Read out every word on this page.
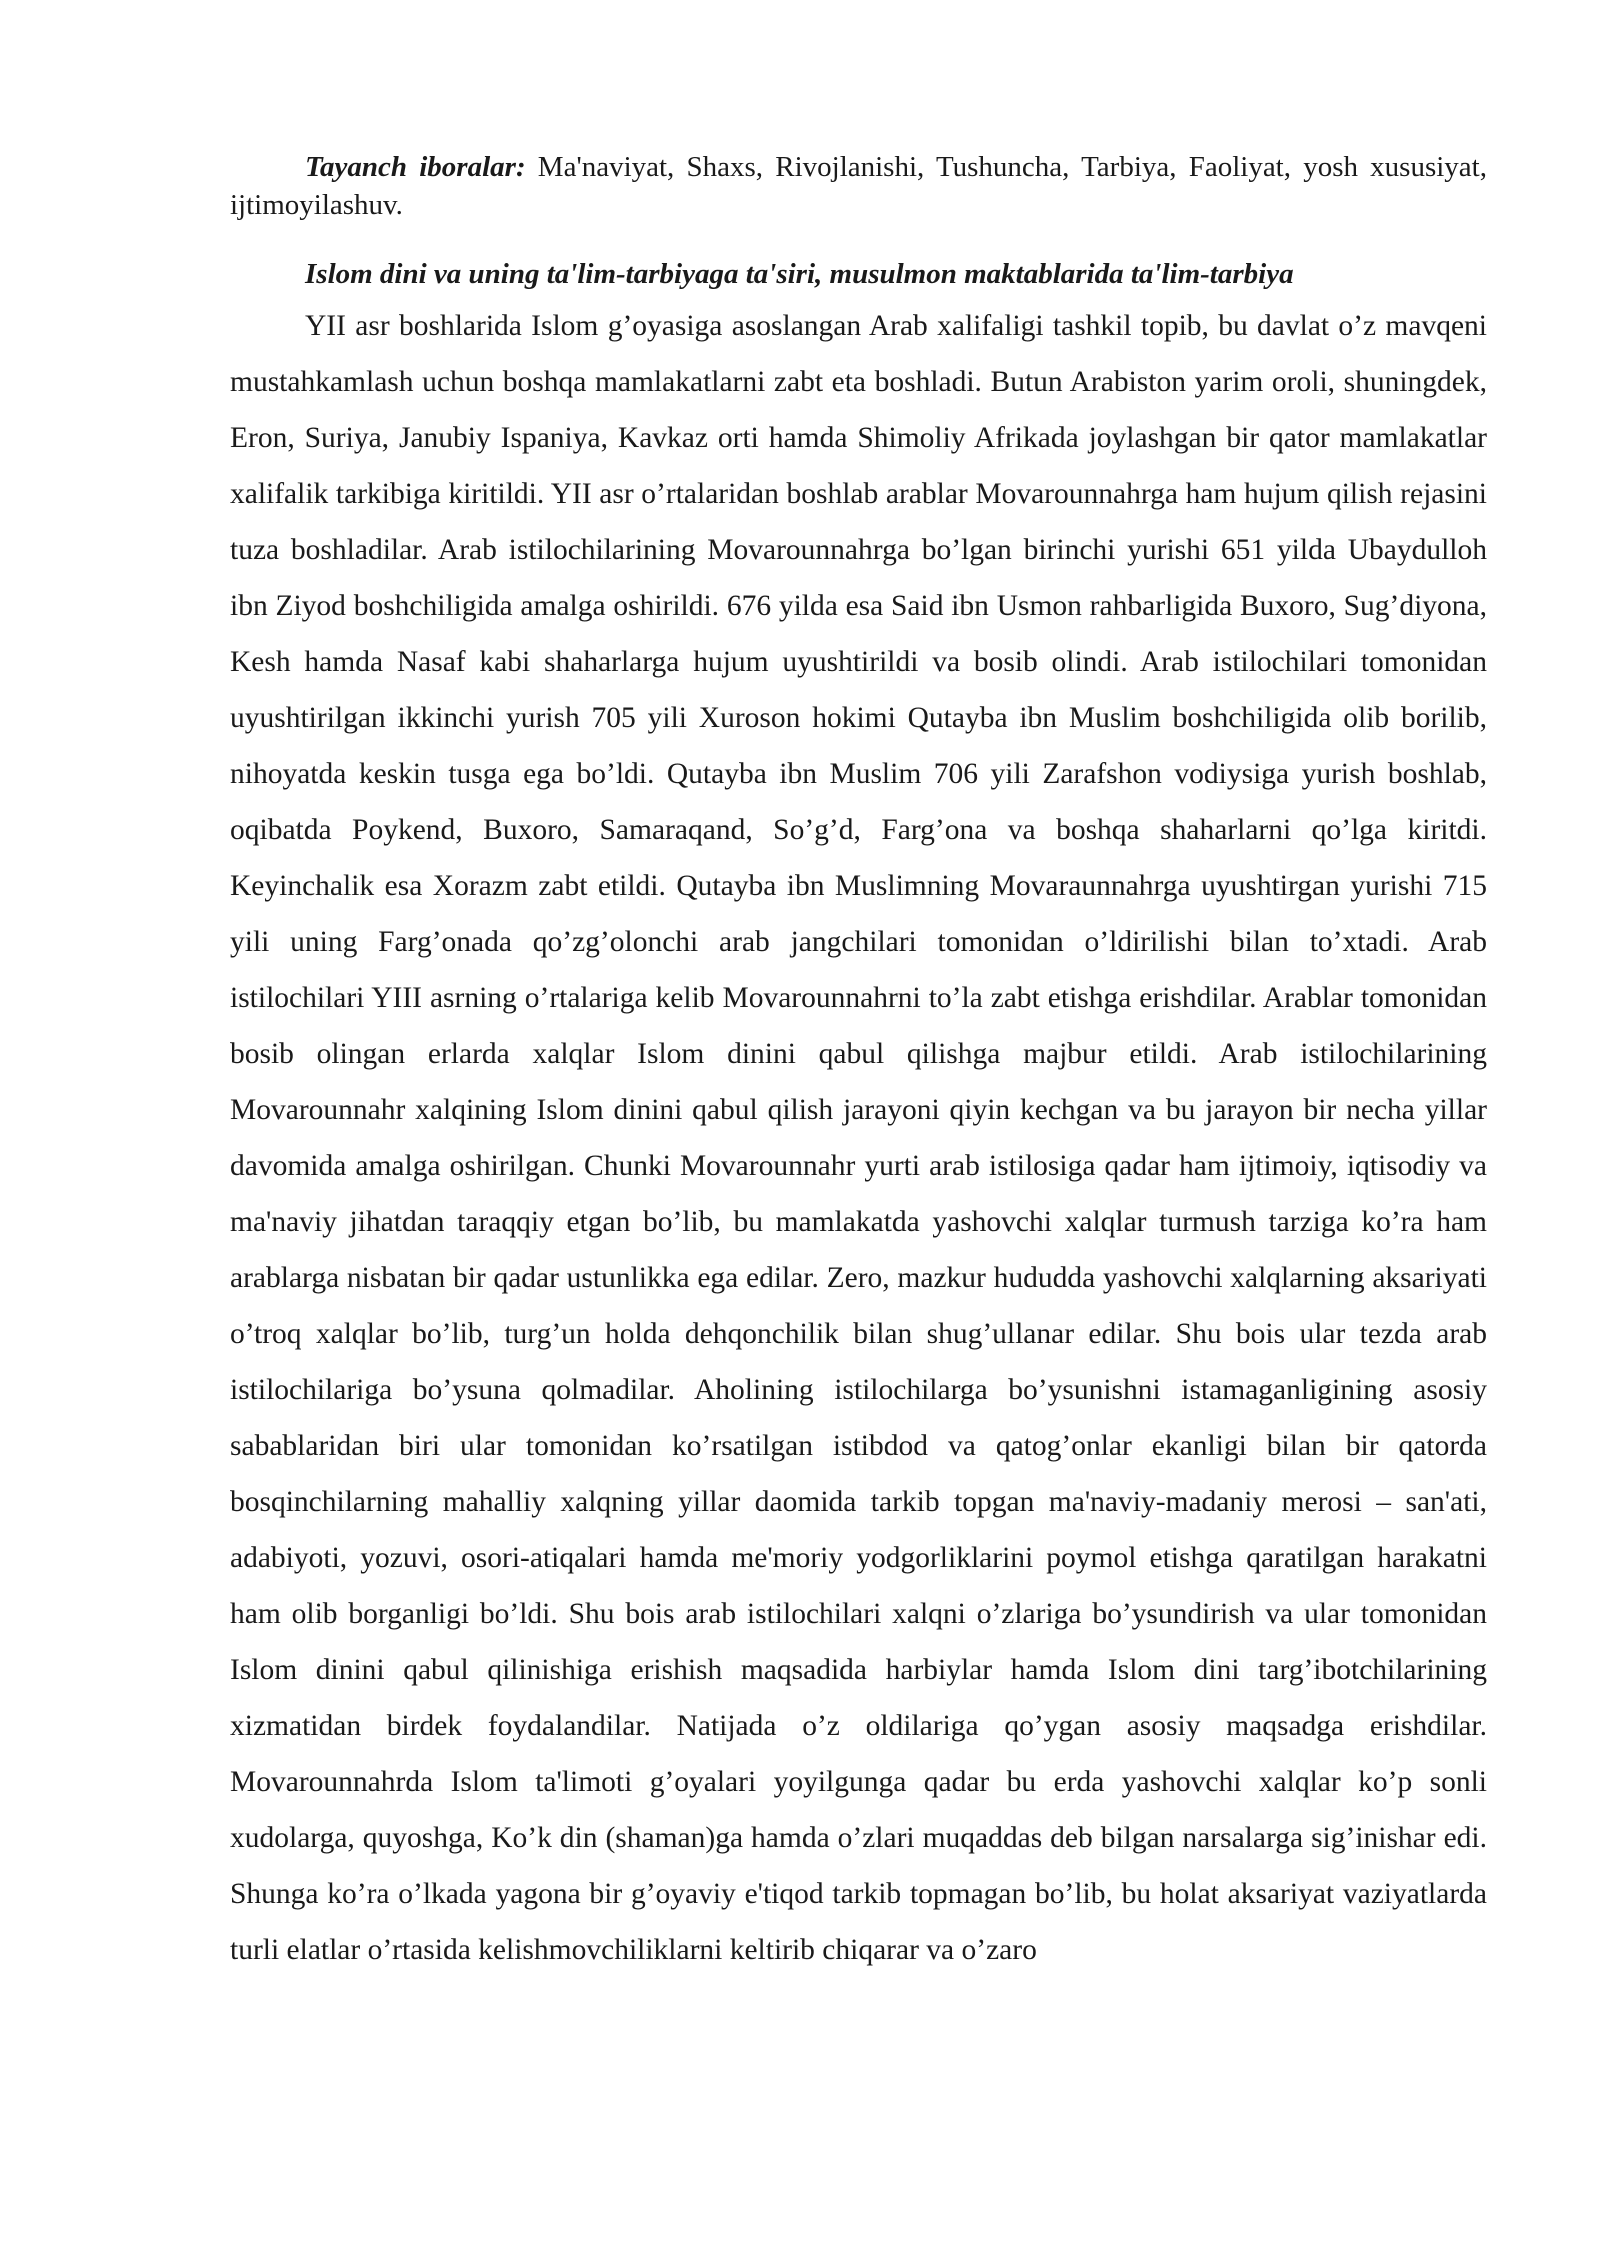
Tayanch iboralar: Ma'naviyat, Shaxs, Rivojlanishi, Tushuncha, Tarbiya, Faoliyat, yosh xususiyat, ijtimoyilashuv.

Islom dini va uning ta'lim-tarbiyaga ta'siri, musulmon maktablarida ta'lim-tarbiya

YII asr boshlarida Islom g’oyasiga asoslangan Arab xalifaligi tashkil topib, bu davlat o’z mavqeni mustahkamlash uchun boshqa mamlakatlarni zabt eta boshladi. Butun Arabiston yarim oroli, shuningdek, Eron, Suriya, Janubiy Ispaniya, Kavkaz orti hamda Shimoliy Afrikada joylashgan bir qator mamlakatlar xalifalik tarkibiga kiritildi. YII asr o’rtalaridan boshlab arablar Movarounnahrga ham hujum qilish rejasini tuza boshladilar. Arab istilochilarining Movarounnahrga bo’lgan birinchi yurishi 651 yilda Ubaydulloh ibn Ziyod boshchiligida amalga oshirildi. 676 yilda esa Said ibn Usmon rahbarligida Buxoro, Sug’diyona, Kesh hamda Nasaf kabi shaharlarga hujum uyushtirildi va bosib olindi. Arab istilochilari tomonidan uyushtirilgan ikkinchi yurish 705 yili Xuroson hokimi Qutayba ibn Muslim boshchiligida olib borilib, nihoyatda keskin tusga ega bo’ldi. Qutayba ibn Muslim 706 yili Zarafshon vodiysiga yurish boshlab, oqibatda Poykend, Buxoro, Samaraqand, So’g’d, Farg’ona va boshqa shaharlarni qo’lga kiritdi. Keyinchalik esa Xorazm zabt etildi. Qutayba ibn Muslimning Movaraunnahrga uyushtirgan yurishi 715 yili uning Farg’onada qo’zg’olonchi arab jangchilari tomonidan o’ldirilishi bilan to’xtadi. Arab istilochilari YIII asrning o’rtalariga kelib Movarounnahrni to’la zabt etishga erishdilar. Arablar tomonidan bosib olingan erlarda xalqlar Islom dinini qabul qilishga majbur etildi. Arab istilochilarining Movarounnahr xalqining Islom dinini qabul qilish jarayoni qiyin kechgan va bu jarayon bir necha yillar davomida amalga oshirilgan. Chunki Movarounnahr yurti arab istilosiga qadar ham ijtimoiy, iqtisodiy va ma'naviy jihatdan taraqqiy etgan bo’lib, bu mamlakatda yashovchi xalqlar turmush tarziga ko’ra ham arablarga nisbatan bir qadar ustunlikka ega edilar. Zero, mazkur hududda yashovchi xalqlarning aksariyati o’troq xalqlar bo’lib, turg’un holda dehqonchilik bilan shug’ullanar edilar. Shu bois ular tezda arab istilochilariga bo’ysuna qolmadilar. Aholining istilochilarga bo’ysunishni istamaganligining asosiy sabablaridan biri ular tomonidan ko’rsatilgan istibdod va qatog’onlar ekanligi bilan bir qatorda bosqinchilarning mahalliy xalqning yillar daomida tarkib topgan ma'naviy-madaniy merosi – san'ati, adabiyoti, yozuvi, osori-atiqalari hamda me'moriy yodgorliklarini poymol etishga qaratilgan harakatni ham olib borganligi bo’ldi. Shu bois arab istilochilari xalqni o’zlariga bo’ysundirish va ular tomonidan Islom dinini qabul qilinishiga erishish maqsadida harbiylar hamda Islom dini targ’ibotchilarining xizmatidan birdek foydalandilar. Natijada o’z oldilariga qo’ygan asosiy maqsadga erishdilar. Movarounnahrda Islom ta'limoti g’oyalari yoyilgunga qadar bu erda yashovchi xalqlar ko’p sonli xudolarga, quyoshga, Ko’k din (shaman)ga hamda o’zlari muqaddas deb bilgan narsalarga sig’inishar edi. Shunga ko’ra o’lkada yagona bir g’oyaviy e'tiqod tarkib topmagan bo’lib, bu holat aksariyat vaziyatlarda turli elatlar o’rtasida kelishmovchiliklarni keltirib chiqarar va o’zaro
